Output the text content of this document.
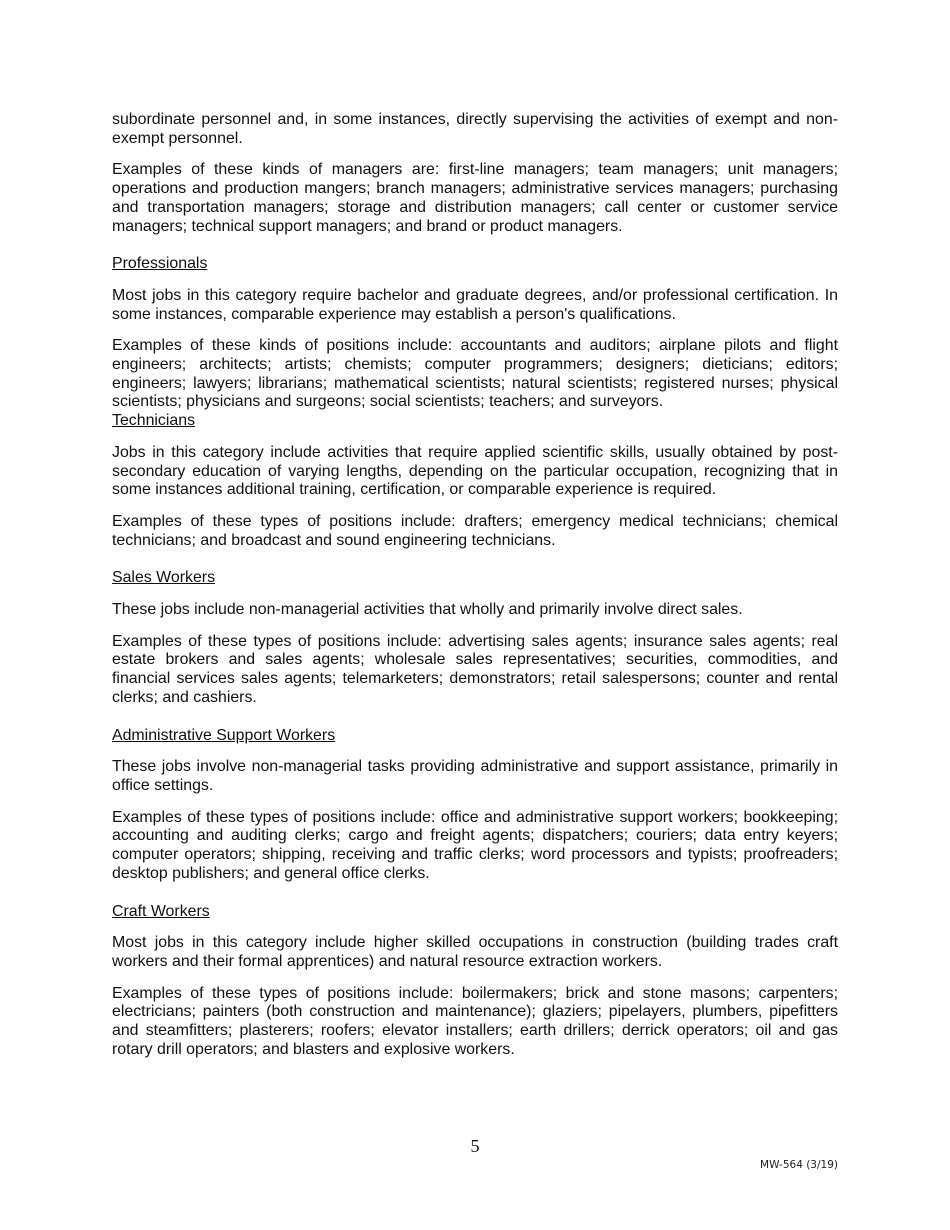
subordinate personnel and, in some instances, directly supervising the activities of exempt and non-exempt personnel.

Examples of these kinds of managers are: first-line managers; team managers; unit managers; operations and production mangers; branch managers; administrative services managers; purchasing and transportation managers; storage and distribution managers; call center or customer service managers; technical support managers; and brand or product managers.

Professionals

Most jobs in this category require bachelor and graduate degrees, and/or professional certification. In some instances, comparable experience may establish a person's qualifications.

Examples of these kinds of positions include: accountants and auditors; airplane pilots and flight engineers; architects; artists; chemists; computer programmers; designers; dieticians; editors; engineers; lawyers; librarians; mathematical scientists; natural scientists; registered nurses; physical scientists; physicians and surgeons; social scientists; teachers; and surveyors.

Technicians

Jobs in this category include activities that require applied scientific skills, usually obtained by post-secondary education of varying lengths, depending on the particular occupation, recognizing that in some instances additional training, certification, or comparable experience is required.

Examples of these types of positions include: drafters; emergency medical technicians; chemical technicians; and broadcast and sound engineering technicians.

Sales Workers

These jobs include non-managerial activities that wholly and primarily involve direct sales.

Examples of these types of positions include: advertising sales agents; insurance sales agents; real estate brokers and sales agents; wholesale sales representatives; securities, commodities, and financial services sales agents; telemarketers; demonstrators; retail salespersons; counter and rental clerks; and cashiers.

Administrative Support Workers

These jobs involve non-managerial tasks providing administrative and support assistance, primarily in office settings.

Examples of these types of positions include: office and administrative support workers; bookkeeping; accounting and auditing clerks; cargo and freight agents; dispatchers; couriers; data entry keyers; computer operators; shipping, receiving and traffic clerks; word processors and typists; proofreaders; desktop publishers; and general office clerks.

Craft Workers

Most jobs in this category include higher skilled occupations in construction (building trades craft workers and their formal apprentices) and natural resource extraction workers.

Examples of these types of positions include: boilermakers; brick and stone masons; carpenters; electricians; painters (both construction and maintenance); glaziers; pipelayers, plumbers, pipefitters and steamfitters; plasterers; roofers; elevator installers; earth drillers; derrick operators; oil and gas rotary drill operators; and blasters and explosive workers.

5
MW-564 (3/19)
